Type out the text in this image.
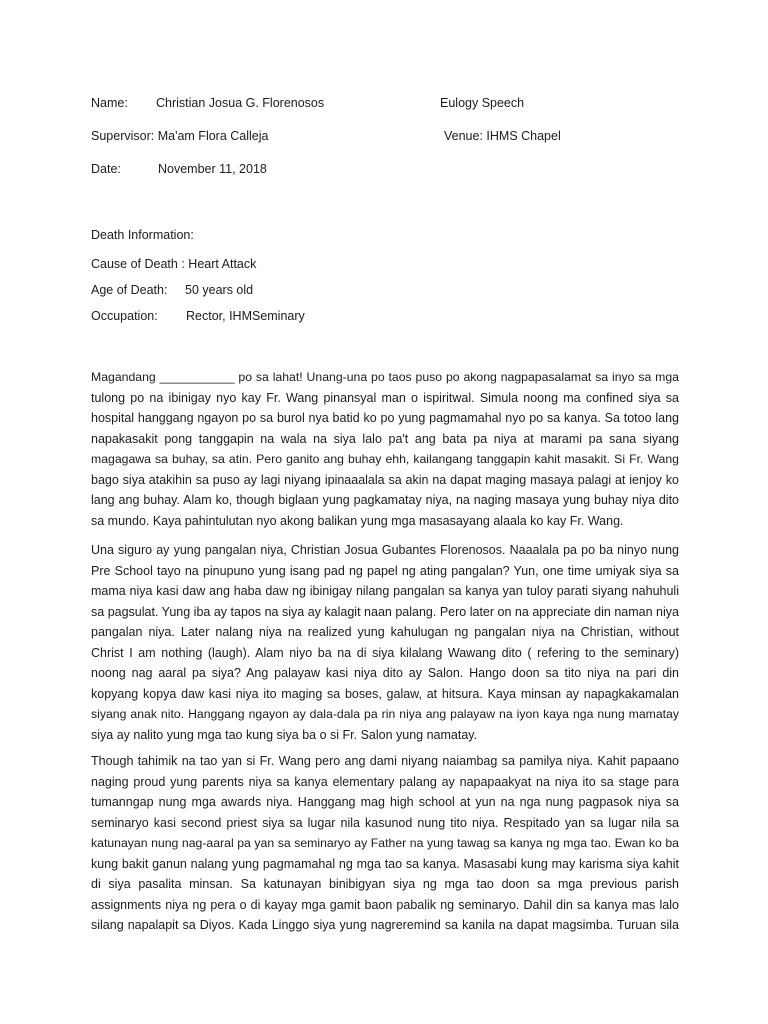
Name: Christian Josua G. Florenosos	Eulogy Speech
Supervisor: Ma'am Flora Calleja	Venue: IHMS Chapel
Date:	November 11, 2018
Death Information:
Cause of Death : Heart Attack
Age of Death: 50 years old
Occupation: Rector, IHMSeminary
Magandang ___________ po sa lahat! Unang-una po taos puso po akong nagpapasalamat sa inyo sa mga
tulong po na ibinigay nyo kay Fr. Wang pinansyal man o ispiritwal. Simula noong ma confined siya sa
hospital hanggang ngayon po sa burol nya batid ko po yung pagmamahal nyo po sa kanya. Sa totoo lang
napakasakit pong tanggapin na wala na siya lalo pa't ang bata pa niya at marami pa sana siyang
magagawa sa buhay, sa atin. Pero ganito ang buhay ehh, kailangang tanggapin kahit masakit. Si Fr. Wang
bago siya atakihin sa puso ay lagi niyang ipinaaalala sa akin na dapat maging masaya palagi at ienjoy ko
lang ang buhay. Alam ko, though biglaan yung pagkamatay niya, na naging masaya yung buhay niya dito
sa mundo. Kaya pahintulutan nyo akong balikan yung mga masasayang alaala ko kay Fr. Wang.
Una siguro ay yung pangalan niya, Christian Josua Gubantes Florenosos. Naaalala pa po ba ninyo nung
Pre School tayo na pinupuno yung isang pad ng papel ng ating pangalan? Yun, one time umiyak siya sa
mama niya kasi daw ang haba daw ng ibinigay nilang pangalan sa kanya yan tuloy parati siyang nahuhuli
sa pagsulat. Yung iba ay tapos na siya ay kalagit naan palang. Pero later on na appreciate din naman niya
pangalan niya. Later nalang niya na realized yung kahulugan ng pangalan niya na Christian, without
Christ I am nothing (laugh). Alam niyo ba na di siya kilalang Wawang dito ( refering to the seminary)
noong nag aaral pa siya? Ang palayaw kasi niya dito ay Salon. Hango doon sa tito niya na pari din
kopyang kopya daw kasi niya ito maging sa boses, galaw, at hitsura. Kaya minsan ay napagkakamalan
siyang anak nito. Hanggang ngayon ay dala-dala pa rin niya ang palayaw na iyon kaya nga nung mamatay
siya ay nalito yung mga tao kung siya ba o si Fr. Salon yung namatay.
Though tahimik na tao yan si Fr. Wang pero ang dami niyang naiambag sa pamilya niya. Kahit papaano
naging proud yung parents niya sa kanya elementary palang ay napapaakyat na niya ito sa stage para
tumanngap nung mga awards niya. Hanggang mag high school at yun na nga nung pagpasok niya sa
seminaryo kasi second priest siya sa lugar nila kasunod nung tito niya. Respitado yan sa lugar nila sa
katunayan nung nag-aaral pa yan sa seminaryo ay Father na yung tawag sa kanya ng mga tao. Ewan ko ba
kung bakit ganun nalang yung pagmamahal ng mga tao sa kanya. Masasabi kung may karisma siya kahit
di siya pasalita minsan. Sa katunayan binibigyan siya ng mga tao doon sa mga previous parish
assignments niya ng pera o di kayay mga gamit baon pabalik ng seminaryo. Dahil din sa kanya mas lalo
silang napalapit sa Diyos. Kada Linggo siya yung nagreremind sa kanila na dapat magsimba. Turuan sila
